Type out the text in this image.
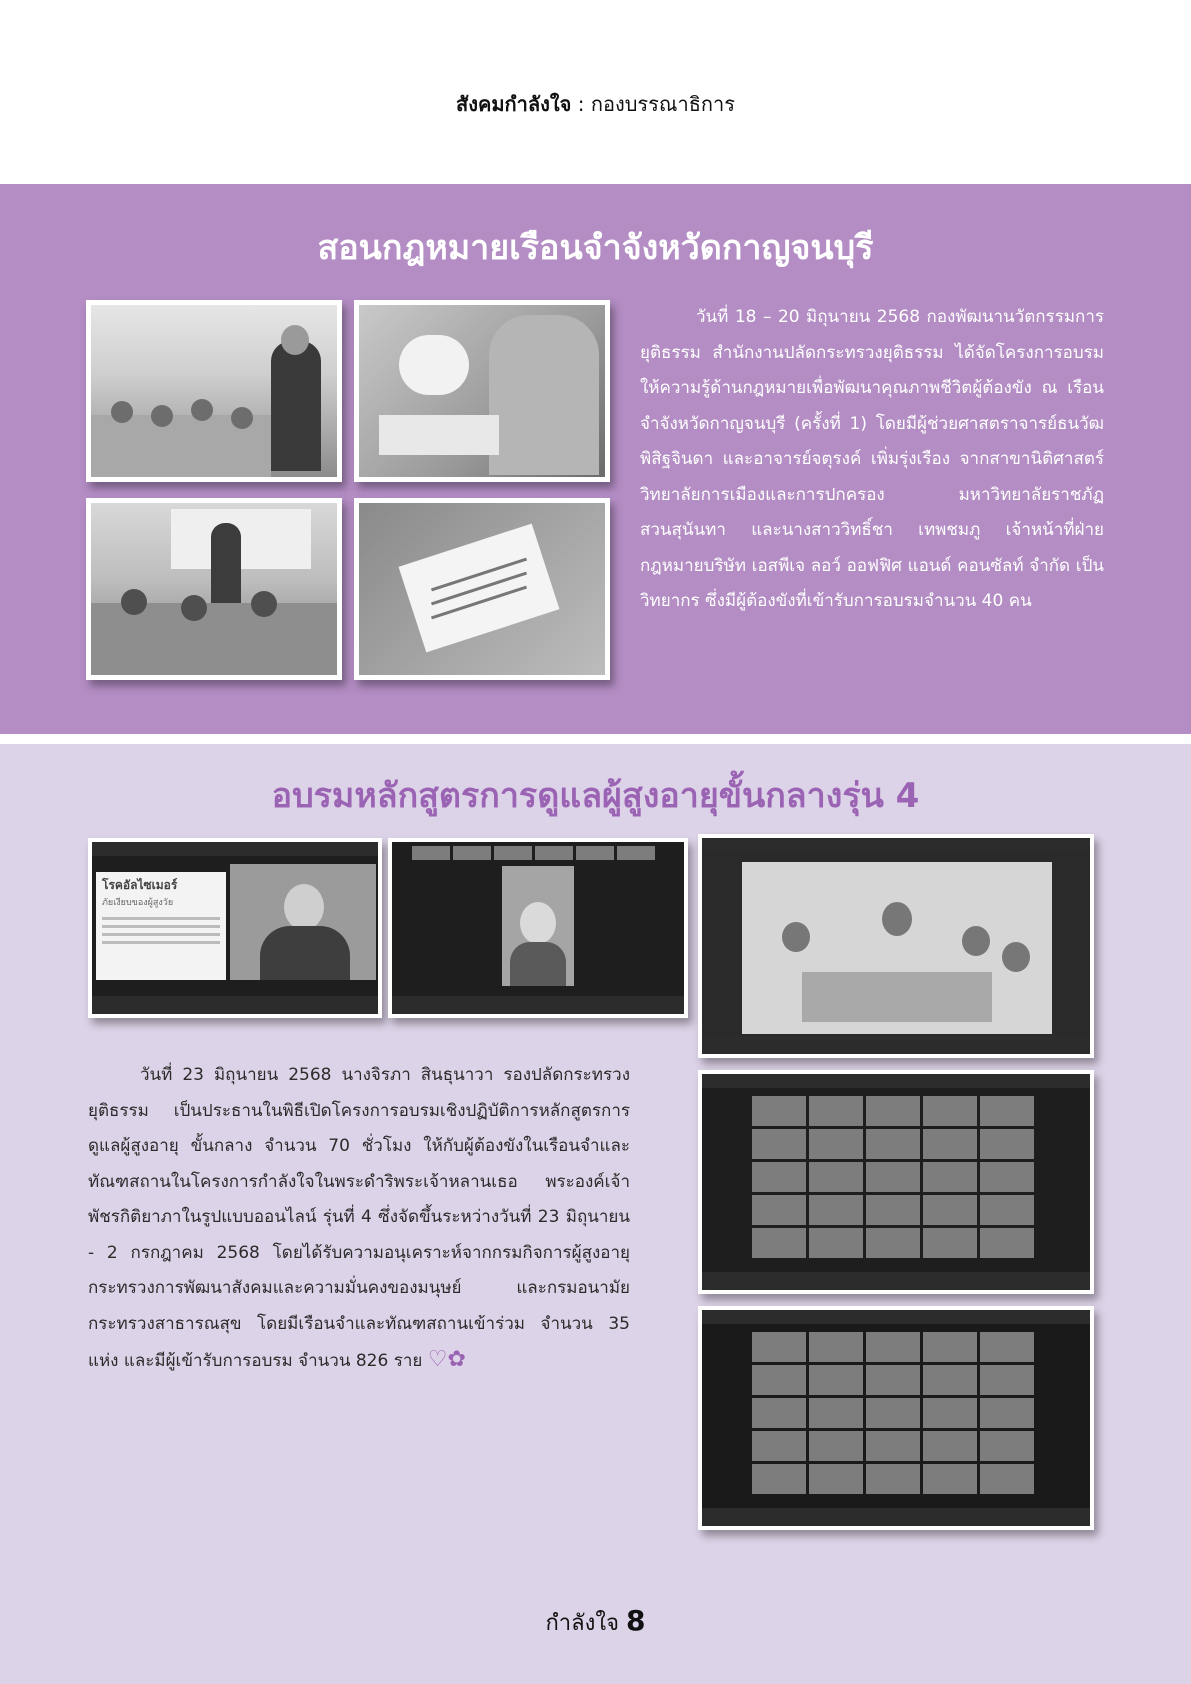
สังคมกำลังใจ : กองบรรณาธิการ
สอนกฎหมายเรือนจำจังหวัดกาญจนบุรี

วันที่ 18 – 20 มิถุนายน 2568 กองพัฒนานวัตกรรมการยุติธรรม สำนักงานปลัดกระทรวงยุติธรรม ได้จัดโครงการอบรมให้ความรู้ด้านกฎหมายเพื่อพัฒนาคุณภาพชีวิตผู้ต้องขัง ณ เรือนจำจังหวัดกาญจนบุรี (ครั้งที่ 1) โดยมีผู้ช่วยศาสตราจารย์ธนวัฒ พิสิฐจินดา และอาจารย์จตุรงค์ เพิ่มรุ่งเรือง จากสาขานิติศาสตร์ วิทยาลัยการเมืองและการปกครอง มหาวิทยาลัยราชภัฏสวนสุนันทา และนางสาววิทธิ์ชา เทพชมภู เจ้าหน้าที่ฝ่ายกฎหมายบริษัท เอสพีเจ ลอว์ ออฟฟิศ แอนด์ คอนซัลท์ จำกัด เป็นวิทยากร ซึ่งมีผู้ต้องขังที่เข้ารับการอบรมจำนวน 40 คน

อบรมหลักสูตรการดูแลผู้สูงอายุขั้นกลางรุ่น 4
โรคอัลไซเมอร์
ภัยเงียบของผู้สูงวัย

วันที่ 23 มิถุนายน 2568 นางจิรภา สินธุนาวา รองปลัดกระทรวงยุติธรรม เป็นประธานในพิธีเปิดโครงการอบรมเชิงปฏิบัติการหลักสูตรการดูแลผู้สูงอายุ ขั้นกลาง จำนวน 70 ชั่วโมง ให้กับผู้ต้องขังในเรือนจำและทัณฑสถานในโครงการกำลังใจในพระดำริพระเจ้าหลานเธอ พระองค์เจ้าพัชรกิติยาภาในรูปแบบออนไลน์ รุ่นที่ 4 ซึ่งจัดขึ้นระหว่างวันที่ 23 มิถุนายน - 2 กรกฎาคม 2568 โดยได้รับความอนุเคราะห์จากกรมกิจการผู้สูงอายุ กระทรวงการพัฒนาสังคมและความมั่นคงของมนุษย์ และกรมอนามัย กระทรวงสาธารณสุข โดยมีเรือนจำและทัณฑสถานเข้าร่วม จำนวน 35 แห่ง และมีผู้เข้ารับการอบรม จำนวน 826 ราย ♡✿

กำลังใจ 8
